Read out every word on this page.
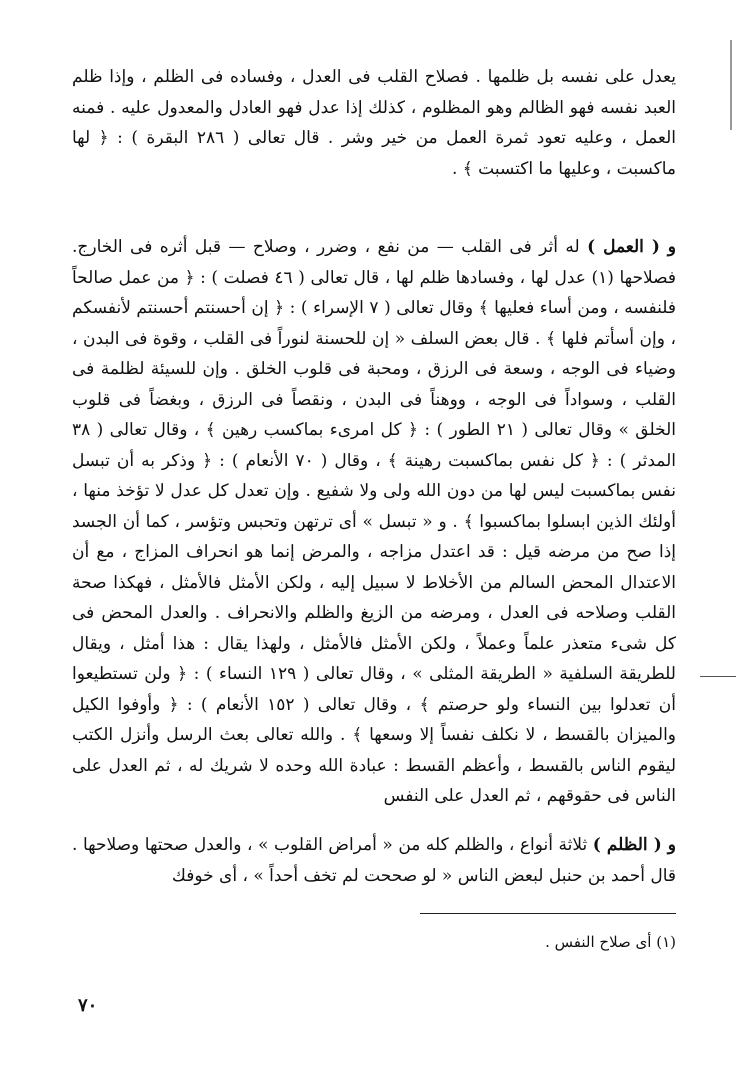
يعدل على نفسه بل ظلمها . فصلاح القلب فى العدل ، وفساده فى الظلم ، وإذا ظلم العبد نفسه فهو الظالم وهو المظلوم ، كذلك إذا عدل فهو العادل والمعدول عليه . فمنه العمل ، وعليه تعود ثمرة العمل من خير وشر . قال تعالى ( ٢٨٦ البقرة ) : ﴿ لها ماكسبت ، وعليها ما اكتسبت ﴾ .

و ( العمل ) له أثر فى القلب — من نفع ، وضرر ، وصلاح — قبل أثره فى الخارج. فصلاحها (١) عدل لها ، وفسادها ظلم لها ، قال تعالى ( ٤٦ فصلت ) : ﴿ من عمل صالحاً فلنفسه ، ومن أساء فعليها ﴾ وقال تعالى ( ٧ الإسراء ) : ﴿ إن أحسنتم أحسنتم لأنفسكم ، وإن أسأتم فلها ﴾ . قال بعض السلف « إن للحسنة لنوراً فى القلب ، وقوة فى البدن ، وضياء فى الوجه ، وسعة فى الرزق ، ومحبة فى قلوب الخلق . وإن للسيئة لظلمة فى القلب ، وسواداً فى الوجه ، ووهناً فى البدن ، ونقصاً فى الرزق ، وبغضاً فى قلوب الخلق » وقال تعالى ( ٢١ الطور ) : ﴿ كل امرىء بماكسب رهين ﴾ ، وقال تعالى ( ٣٨ المدثر ) : ﴿ كل نفس بماكسبت رهينة ﴾ ، وقال ( ٧٠ الأنعام ) : ﴿ وذكر به أن تبسل نفس بماكسبت ليس لها من دون الله ولى ولا شفيع . وإن تعدل كل عدل لا تؤخذ منها ، أولئك الذين ابسلوا بماكسبوا ﴾ . و « تبسل » أى ترتهن وتحبس وتؤسر ، كما أن الجسد إذا صح من مرضه قيل : قد اعتدل مزاجه ، والمرض إنما هو انحراف المزاج ، مع أن الاعتدال المحض السالم من الأخلاط لا سبيل إليه ، ولكن الأمثل فالأمثل ، فهكذا صحة القلب وصلاحه فى العدل ، ومرضه من الزيغ والظلم والانحراف . والعدل المحض فى كل شىء متعذر علماً وعملاً ، ولكن الأمثل فالأمثل ، ولهذا يقال : هذا أمثل ، ويقال للطريقة السلفية « الطريقة المثلى » ، وقال تعالى ( ١٢٩ النساء ) : ﴿ ولن تستطيعوا أن تعدلوا بين النساء ولو حرصتم ﴾ ، وقال تعالى ( ١٥٢ الأنعام ) : ﴿ وأوفوا الكيل والميزان بالقسط ، لا نكلف نفساً إلا وسعها ﴾ . والله تعالى بعث الرسل وأنزل الكتب ليقوم الناس بالقسط ، وأعظم القسط : عبادة الله وحده لا شريك له ، ثم العدل على الناس فى حقوقهم ، ثم العدل على النفس

و ( الظلم ) ثلاثة أنواع ، والظلم كله من « أمراض القلوب » ، والعدل صحتها وصلاحها . قال أحمد بن حنبل لبعض الناس « لو صححت لم تخف أحداً » ، أى خوفك

(١) أى صلاح النفس .
٧٠
